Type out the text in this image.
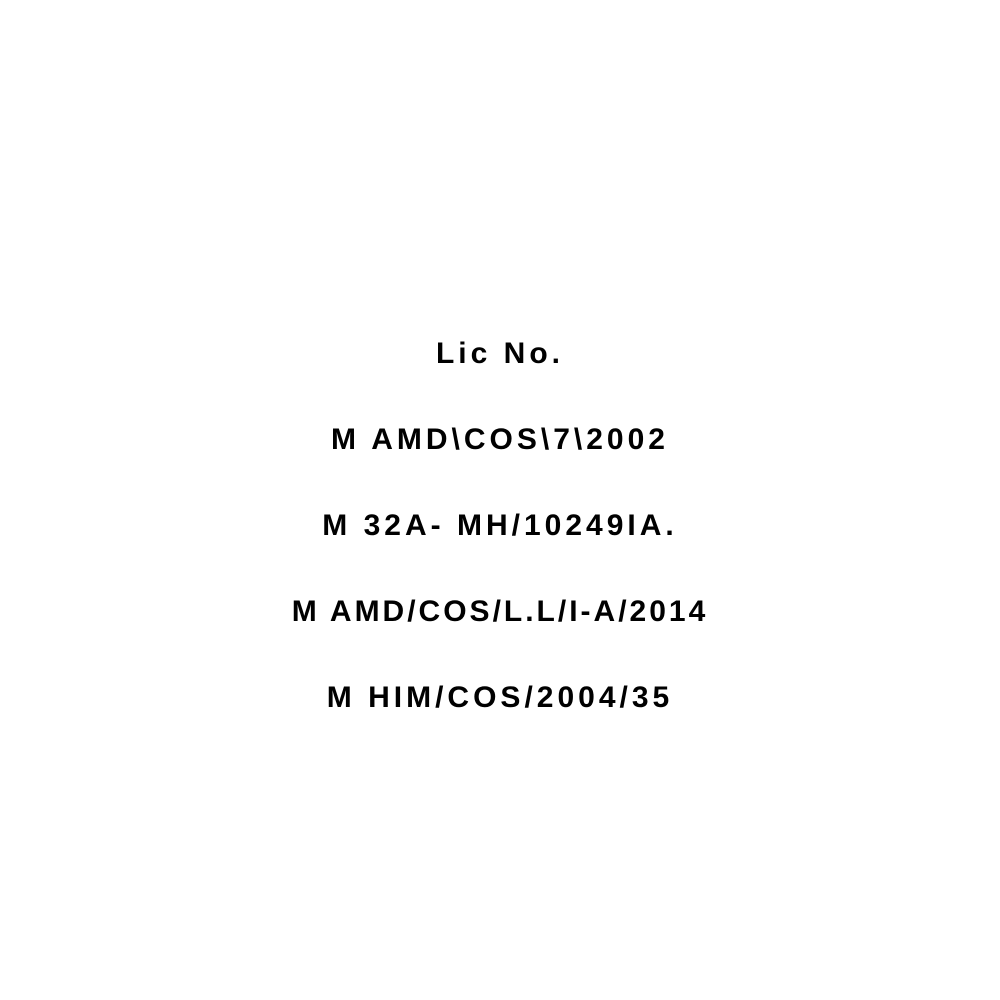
Lic No.
M AMD\COS\7\2002
M 32A- MH/10249IA.
M AMD/COS/L.L/I-A/2014
M HIM/COS/2004/35
